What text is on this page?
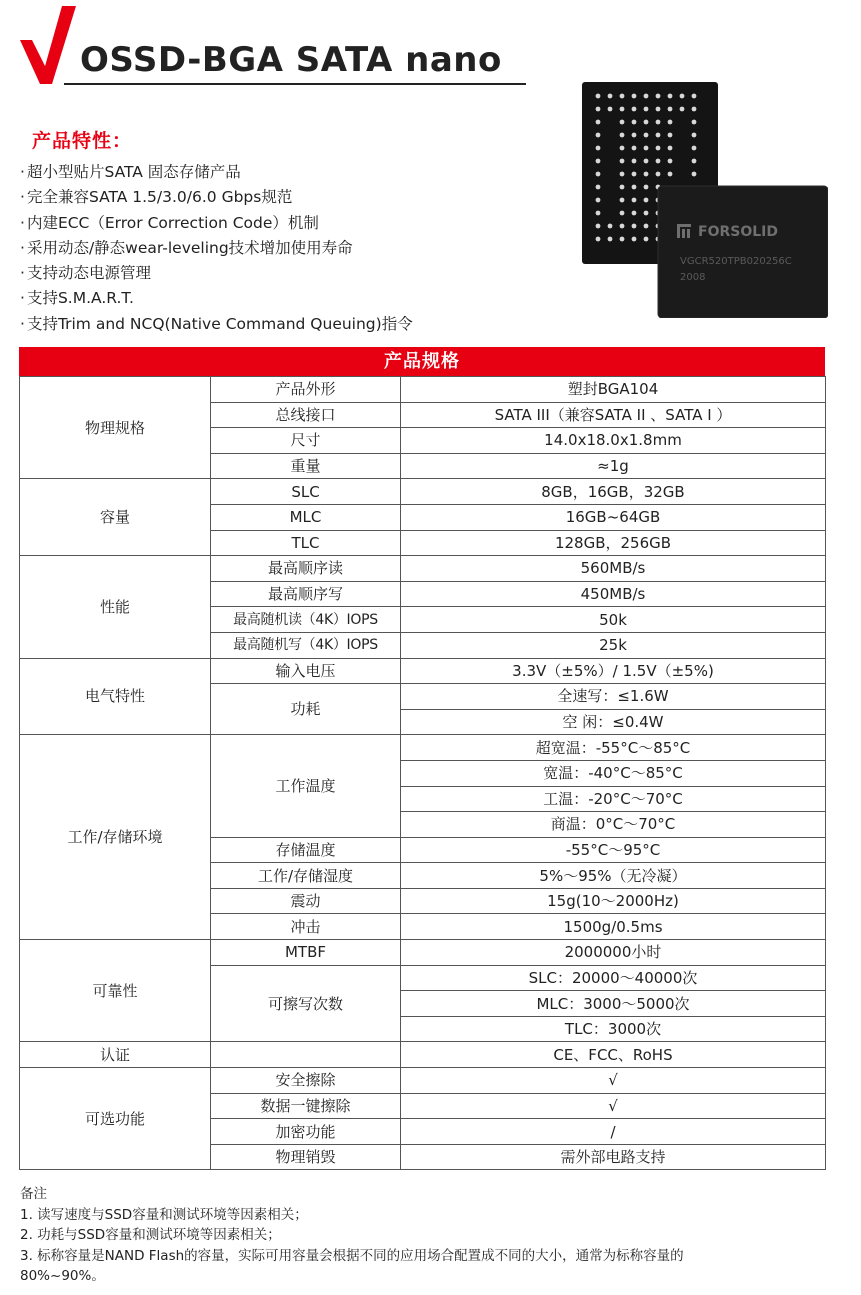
OSSD-BGA SATA nano
FORSOLID
VGCR520TPB020256C
2008
产品特性：
· 超小型贴片SATA 固态存储产品
· 完全兼容SATA 1.5/3.0/6.0 Gbps规范
· 内建ECC（Error Correction Code）机制
· 采用动态/静态wear-leveling技术增加使用寿命
· 支持动态电源管理
· 支持S.M.A.R.T.
· 支持Trim and NCQ(Native Command Queuing)指令
产品规格
物理规格	产品外形	塑封BGA104
	总线接口	SATA III（兼容SATA II 、SATA I ）
	尺寸	14.0x18.0x1.8mm
	重量	≈1g
容量	SLC	8GB，16GB，32GB
	MLC	16GB~64GB
	TLC	128GB，256GB
性能	最高顺序读	560MB/s
	最高顺序写	450MB/s
	最高随机读（4K）IOPS	50k
	最高随机写（4K）IOPS	25k
电气特性	输入电压	3.3V（±5%）/ 1.5V（±5%)
	功耗	全速写：≤1.6W
		空 闲：≤0.4W
工作/存储环境	工作温度	超宽温：-55°C～85°C
		宽温：-40°C～85°C
		工温：-20°C～70°C
		商温：0°C～70°C
	存储温度	-55°C～95°C
	工作/存储湿度	5%～95%（无冷凝）
	震动	15g(10～2000Hz)
	冲击	1500g/0.5ms
可靠性	MTBF	2000000小时
	可擦写次数	SLC：20000～40000次
		MLC：3000～5000次
		TLC：3000次
认证		CE、FCC、RoHS
可选功能	安全擦除	√
	数据一键擦除	√
	加密功能	/
	物理销毁	需外部电路支持
备注
1. 读写速度与SSD容量和测试环境等因素相关；
2. 功耗与SSD容量和测试环境等因素相关；
3. 标称容量是NAND Flash的容量，实际可用容量会根据不同的应用场合配置成不同的大小，通常为标称容量的
80%~90%。
